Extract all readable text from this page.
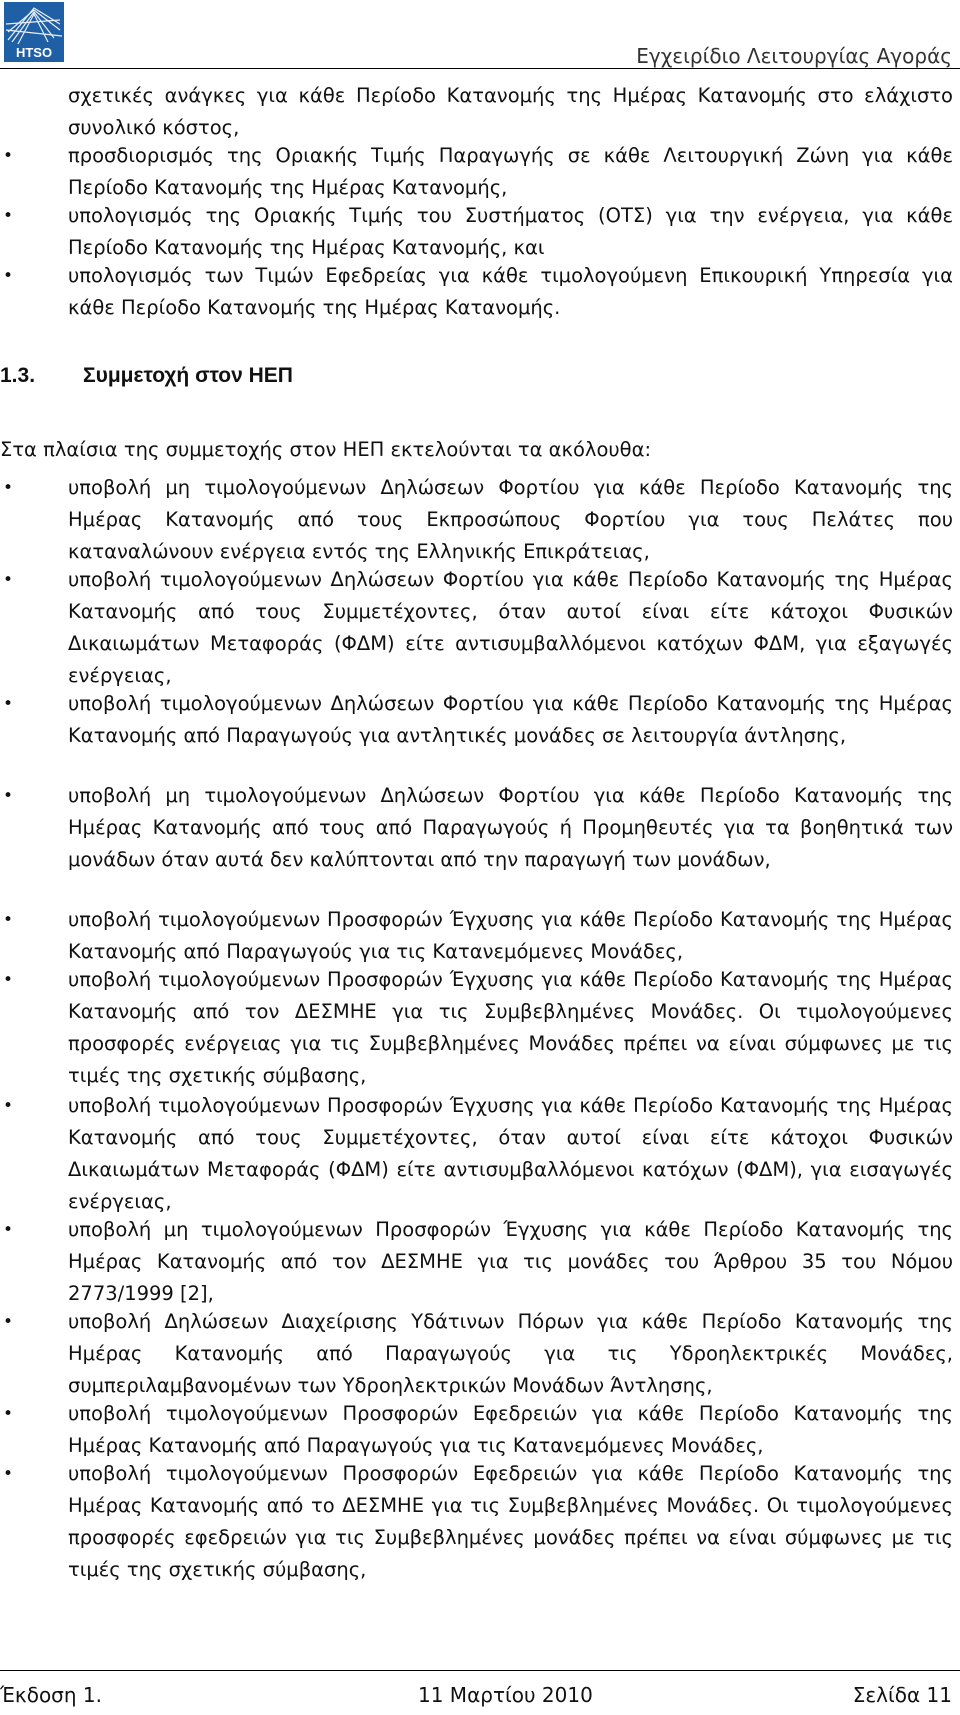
HTSO	Εγχειρίδιο Λειτουργίας Αγοράς

σχετικές ανάγκες για κάθε Περίοδο Κατανομής της Ημέρας Κατανομής στο ελάχιστο συνολικό κόστος,

•	προσδιορισμός της Οριακής Τιμής Παραγωγής σε κάθε Λειτουργική Ζώνη για κάθε Περίοδο Κατανομής της Ημέρας Κατανομής,

•	υπολογισμός της Οριακής Τιμής του Συστήματος (ΟΤΣ) για την ενέργεια, για κάθε Περίοδο Κατανομής της Ημέρας Κατανομής, και

•	υπολογισμός των Τιμών Εφεδρείας για κάθε τιμολογούμενη Επικουρική Υπηρεσία για κάθε Περίοδο Κατανομής της Ημέρας Κατανομής.

1.3. Συμμετοχή στον ΗΕΠ

Στα πλαίσια της συμμετοχής στον ΗΕΠ εκτελούνται τα ακόλουθα:

•	υποβολή μη τιμολογούμενων Δηλώσεων Φορτίου για κάθε Περίοδο Κατανομής της Ημέρας Κατανομής από τους Εκπροσώπους Φορτίου για τους Πελάτες που καταναλώνουν ενέργεια εντός της Ελληνικής Επικράτειας,

•	υποβολή τιμολογούμενων Δηλώσεων Φορτίου για κάθε Περίοδο Κατανομής της Ημέρας Κατανομής από τους Συμμετέχοντες, όταν αυτοί είναι είτε κάτοχοι Φυσικών Δικαιωμάτων Μεταφοράς (ΦΔΜ) είτε αντισυμβαλλόμενοι κατόχων ΦΔΜ, για εξαγωγές ενέργειας,

•	υποβολή τιμολογούμενων Δηλώσεων Φορτίου για κάθε Περίοδο Κατανομής της Ημέρας Κατανομής από Παραγωγούς για αντλητικές μονάδες σε λειτουργία άντλησης,

•	υποβολή μη τιμολογούμενων Δηλώσεων Φορτίου για κάθε Περίοδο Κατανομής της Ημέρας Κατανομής από τους από Παραγωγούς ή Προμηθευτές για τα βοηθητικά των μονάδων όταν αυτά δεν καλύπτονται από την παραγωγή των μονάδων,

•	υποβολή τιμολογούμενων Προσφορών Έγχυσης για κάθε Περίοδο Κατανομής της Ημέρας Κατανομής από Παραγωγούς για τις Κατανεμόμενες Μονάδες,

•	υποβολή τιμολογούμενων Προσφορών Έγχυσης για κάθε Περίοδο Κατανομής της Ημέρας Κατανομής από τον ΔΕΣΜΗΕ για τις Συμβεβλημένες Μονάδες. Οι τιμολογούμενες προσφορές ενέργειας για τις Συμβεβλημένες Μονάδες πρέπει να είναι σύμφωνες με τις τιμές της σχετικής σύμβασης,

•	υποβολή τιμολογούμενων Προσφορών Έγχυσης για κάθε Περίοδο Κατανομής της Ημέρας Κατανομής από τους Συμμετέχοντες, όταν αυτοί είναι είτε κάτοχοι Φυσικών Δικαιωμάτων Μεταφοράς (ΦΔΜ) είτε αντισυμβαλλόμενοι κατόχων (ΦΔΜ), για εισαγωγές ενέργειας,

•	υποβολή μη τιμολογούμενων Προσφορών Έγχυσης για κάθε Περίοδο Κατανομής της Ημέρας Κατανομής από τον ΔΕΣΜΗΕ για τις μονάδες του Άρθρου 35 του Νόμου 2773/1999 [2],

•	υποβολή Δηλώσεων Διαχείρισης Υδάτινων Πόρων για κάθε Περίοδο Κατανομής της Ημέρας Κατανομής από Παραγωγούς για τις Υδροηλεκτρικές Μονάδες, συμπεριλαμβανομένων των Υδροηλεκτρικών Μονάδων Άντλησης,

•	υποβολή τιμολογούμενων Προσφορών Εφεδρειών για κάθε Περίοδο Κατανομής της Ημέρας Κατανομής από Παραγωγούς για τις Κατανεμόμενες Μονάδες,

•	υποβολή τιμολογούμενων Προσφορών Εφεδρειών για κάθε Περίοδο Κατανομής της Ημέρας Κατανομής από το ΔΕΣΜΗΕ για τις Συμβεβλημένες Μονάδες. Οι τιμολογούμενες προσφορές εφεδρειών για τις Συμβεβλημένες μονάδες πρέπει να είναι σύμφωνες με τις τιμές της σχετικής σύμβασης,

Έκδοση 1.	11 Μαρτίου 2010	Σελίδα 11
